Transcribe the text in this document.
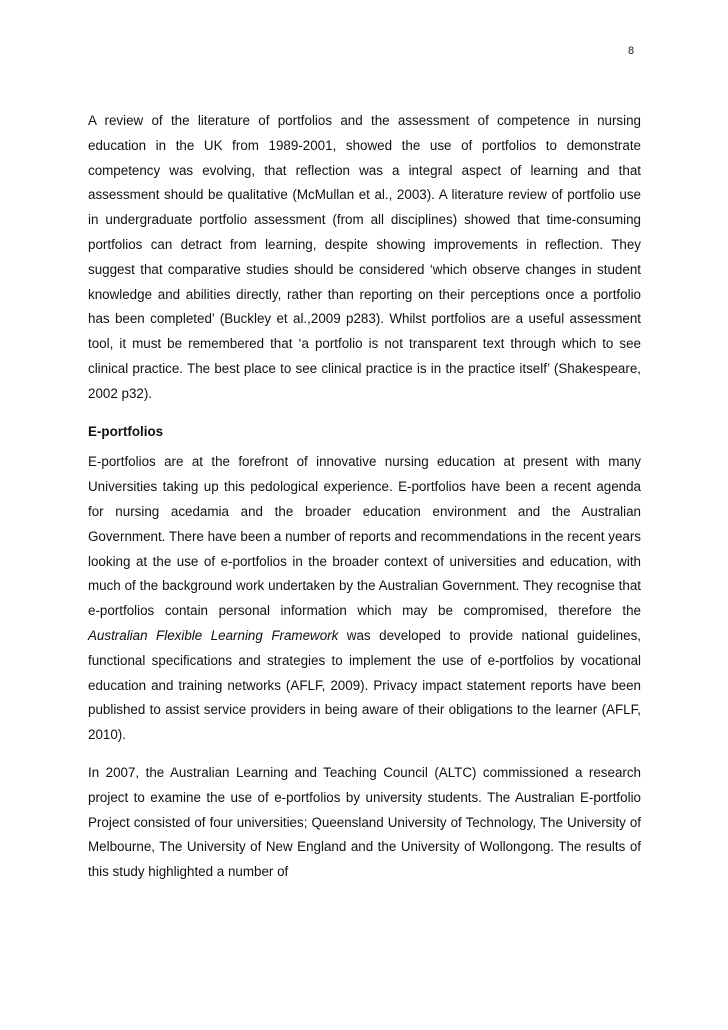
8

A review of the literature of portfolios and the assessment of competence in nursing education in the UK from 1989-2001, showed the use of portfolios to demonstrate competency was evolving, that reflection was a integral aspect of learning and that assessment should be qualitative (McMullan et al., 2003). A literature review of portfolio use in undergraduate portfolio assessment (from all disciplines) showed that time-consuming portfolios can detract from learning, despite showing improvements in reflection. They suggest that comparative studies should be considered ‘which observe changes in student knowledge and abilities directly, rather than reporting on their perceptions once a portfolio has been completed’ (Buckley et al.,2009 p283). Whilst portfolios are a useful assessment tool, it must be remembered that ‘a portfolio is not transparent text through which to see clinical practice. The best place to see clinical practice is in the practice itself’ (Shakespeare, 2002 p32).

E-portfolios

E-portfolios are at the forefront of innovative nursing education at present with many Universities taking up this pedological experience. E-portfolios have been a recent agenda for nursing acedamia and the broader education environment and the Australian Government. There have been a number of reports and recommendations in the recent years looking at the use of e-portfolios in the broader context of universities and education, with much of the background work undertaken by the Australian Government. They recognise that e-portfolios contain personal information which may be compromised, therefore the Australian Flexible Learning Framework was developed to provide national guidelines, functional specifications and strategies to implement the use of e-portfolios by vocational education and training networks (AFLF, 2009). Privacy impact statement reports have been published to assist service providers in being aware of their obligations to the learner (AFLF, 2010).

In 2007, the Australian Learning and Teaching Council (ALTC) commissioned a research project to examine the use of e-portfolios by university students. The Australian E-portfolio Project consisted of four universities; Queensland University of Technology, The University of Melbourne, The University of New England and the University of Wollongong. The results of this study highlighted a number of
